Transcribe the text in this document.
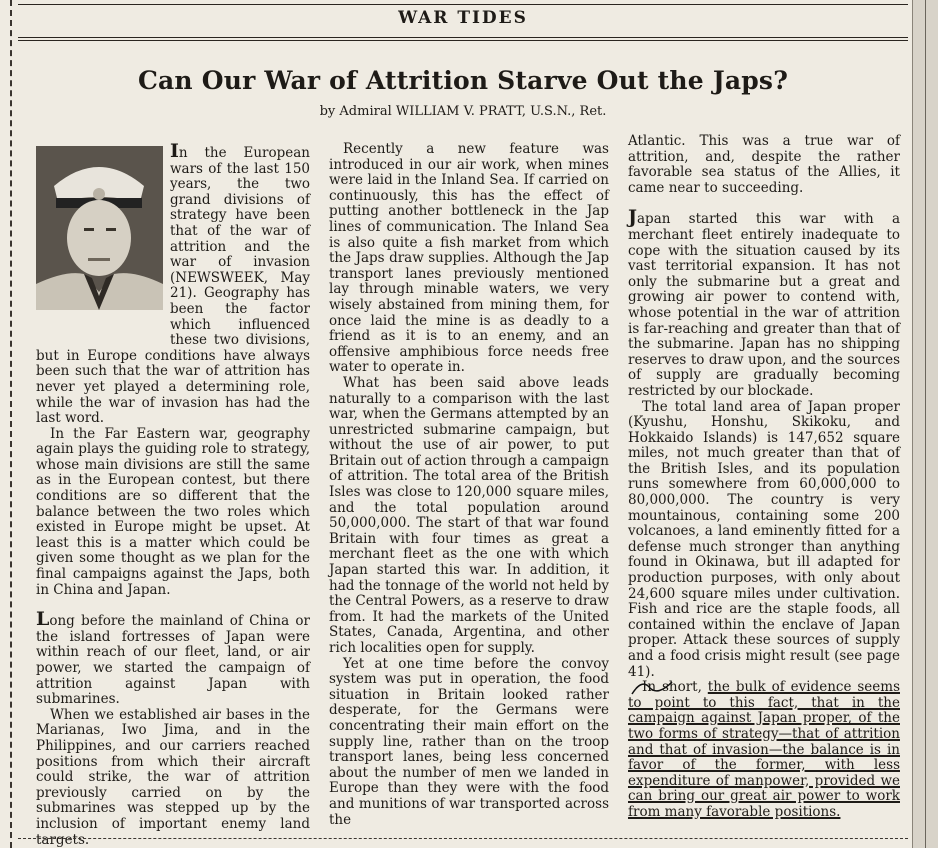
WAR TIDES
Can Our War of Attrition Starve Out the Japs?
by Admiral WILLIAM V. PRATT, U.S.N., Ret.

In the European wars of the last 150 years, the two grand divisions of strategy have been that of the war of attrition and the war of invasion (NEWSWEEK, May 21). Geography has been the factor which influenced these two divisions, but in Europe conditions have always been such that the war of attrition has never yet played a determining role, while the war of invasion has had the last word.

In the Far Eastern war, geography again plays the guiding role to strategy, whose main divisions are still the same as in the European contest, but there conditions are so different that the balance between the two roles which existed in Europe might be upset. At least this is a matter which could be given some thought as we plan for the final campaigns against the Japs, both in China and Japan.

Long before the mainland of China or the island fortresses of Japan were within reach of our fleet, land, or air power, we started the campaign of attrition against Japan with submarines.

When we established air bases in the Marianas, Iwo Jima, and in the Philippines, and our carriers reached positions from which their aircraft could strike, the war of attrition previously carried on by the submarines was stepped up by the inclusion of important enemy land targets.

Recently a new feature was introduced in our air work, when mines were laid in the Inland Sea. If carried on continuously, this has the effect of putting another bottleneck in the Jap lines of communication. The Inland Sea is also quite a fish market from which the Japs draw supplies. Although the Jap transport lanes previously mentioned lay through minable waters, we very wisely abstained from mining them, for once laid the mine is as deadly to a friend as it is to an enemy, and an offensive amphibious force needs free water to operate in.

What has been said above leads naturally to a comparison with the last war, when the Germans attempted by an unrestricted submarine campaign, but without the use of air power, to put Britain out of action through a campaign of attrition. The total area of the British Isles was close to 120,000 square miles, and the total population around 50,000,000. The start of that war found Britain with four times as great a merchant fleet as the one with which Japan started this war. In addition, it had the tonnage of the world not held by the Central Powers, as a reserve to draw from. It had the markets of the United States, Canada, Argentina, and other rich localities open for supply.

Yet at one time before the convoy system was put in operation, the food situation in Britain looked rather desperate, for the Germans were concentrating their main effort on the supply line, rather than on the troop transport lanes, being less concerned about the number of men we landed in Europe than they were with the food and munitions of war transported across the

Atlantic. This was a true war of attrition, and, despite the rather favorable sea status of the Allies, it came near to succeeding.

Japan started this war with a merchant fleet entirely inadequate to cope with the situation caused by its vast territorial expansion. It has not only the submarine but a great and growing air power to contend with, whose potential in the war of attrition is far-reaching and greater than that of the submarine. Japan has no shipping reserves to draw upon, and the sources of supply are gradually becoming restricted by our blockade.

The total land area of Japan proper (Kyushu, Honshu, Skikoku, and Hokkaido Islands) is 147,652 square miles, not much greater than that of the British Isles, and its population runs somewhere from 60,000,000 to 80,000,000. The country is very mountainous, containing some 200 volcanoes, a land eminently fitted for a defense much stronger than anything found in Okinawa, but ill adapted for production purposes, with only about 24,600 square miles under cultivation. Fish and rice are the staple foods, all contained within the enclave of Japan proper. Attack these sources of supply and a food crisis might result (see page 41).

In short, the bulk of evidence seems to point to this fact, that in the campaign against Japan proper, of the two forms of strategy—that of attrition and that of invasion—the balance is in favor of the former, with less expenditure of manpower, provided we can bring our great air power to work from many favorable positions.
